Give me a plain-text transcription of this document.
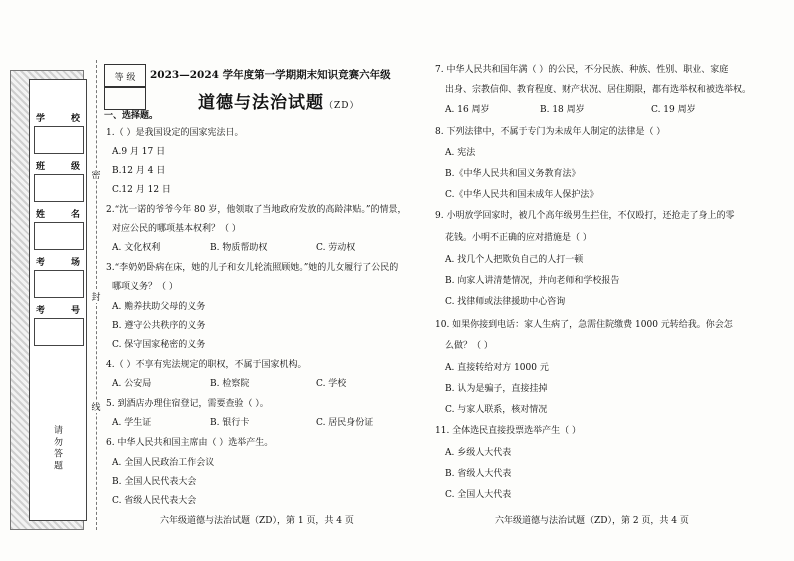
学	校
班	级
姓	名
考	场
考	号
请 勿 答 题
密
封
线
等 级	2023—2024 学年度第一学期期末知识竞赛六年级
道德与法治试题（ZD）
一、选择题。
1.（ ）是我国设定的国家宪法日。
A.9 月 17 日
B.12 月 4 日
C.12 月 12 日
2.“沈一诺的爷爷今年 80 岁，他领取了当地政府发放的高龄津贴。”的情景，
对应公民的哪项基本权利？（ ）
A. 文化权利	B. 物质帮助权	C. 劳动权
3.“李奶奶卧病在床，她的儿子和女儿轮流照顾她。”她的儿女履行了公民的
哪项义务？（ ）
A. 赡养扶助父母的义务
B. 遵守公共秩序的义务
C. 保守国家秘密的义务
4.（ ）不享有宪法规定的职权，不属于国家机构。
A. 公安局	B. 检察院	C. 学校
5. 到酒店办理住宿登记，需要查验（ ）。
A. 学生证	B. 银行卡	C. 居民身份证
6. 中华人民共和国主席由（ ）选举产生。
A. 全国人民政治工作会议
B. 全国人民代表大会
C. 省级人民代表大会
7. 中华人民共和国年满（ ）的公民，不分民族、种族、性别、职业、家庭
出身、宗教信仰、教育程度、财产状况、居住期限，都有选举权和被选举权。
A. 16 周岁	B. 18 周岁	C. 19 周岁
8. 下列法律中，不属于专门为未成年人制定的法律是（ ）
A. 宪法
B.《中华人民共和国义务教育法》
C.《中华人民共和国未成年人保护法》
9. 小明放学回家时，被几个高年级男生拦住，不仅殴打，还抢走了身上的零
花钱。小明不正确的应对措施是（ ）
A. 找几个人把欺负自己的人打一顿
B. 向家人讲清楚情况，并向老师和学校报告
C. 找律师或法律援助中心咨询
10. 如果你接到电话：家人生病了，急需住院缴费 1000 元转给我。你会怎
么做？（ ）
A. 直接转给对方 1000 元
B. 认为是骗子，直接挂掉
C. 与家人联系，核对情况
11. 全体选民直接投票选举产生（ ）
A. 乡级人大代表
B. 省级人大代表
C. 全国人大代表
六年级道德与法治试题（ZD），第 1 页，共 4 页	六年级道德与法治试题（ZD），第 2 页，共 4 页
